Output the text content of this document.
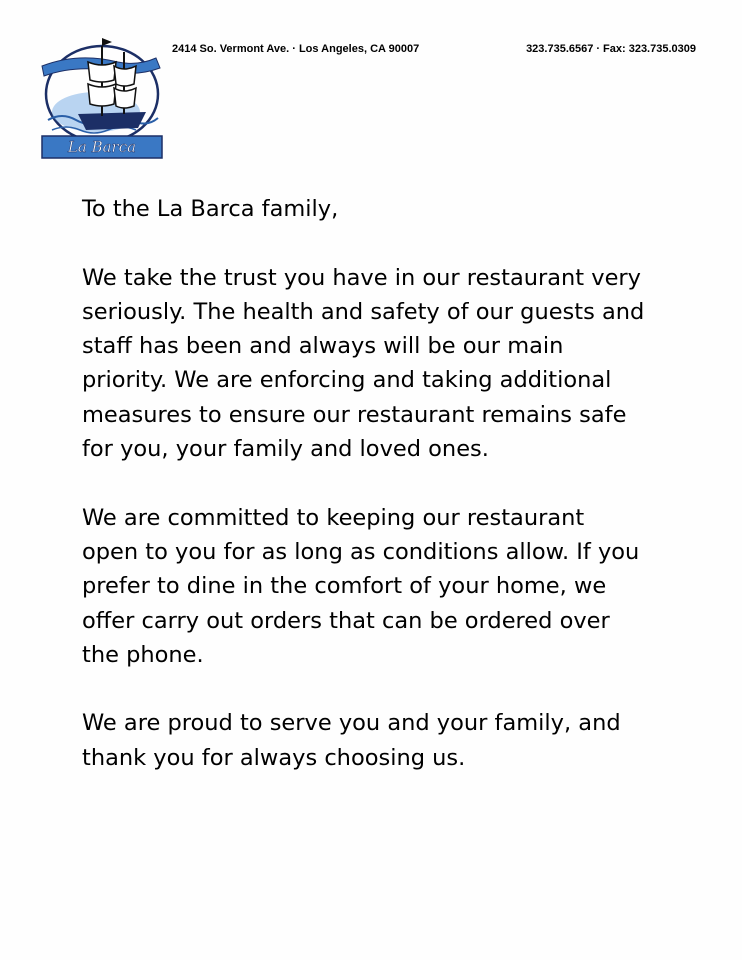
La Barca
2414 So. Vermont Ave. · Los Angeles, CA 90007	323.735.6567 · Fax: 323.735.0309

To the La Barca family,

We take the trust you have in our restaurant very
seriously. The health and safety of our guests and
staff has been and always will be our main
priority. We are enforcing and taking additional
measures to ensure our restaurant remains safe
for you, your family and loved ones.

We are committed to keeping our restaurant
open to you for as long as conditions allow. If you
prefer to dine in the comfort of your home, we
offer carry out orders that can be ordered over
the phone.

We are proud to serve you and your family, and
thank you for always choosing us.
